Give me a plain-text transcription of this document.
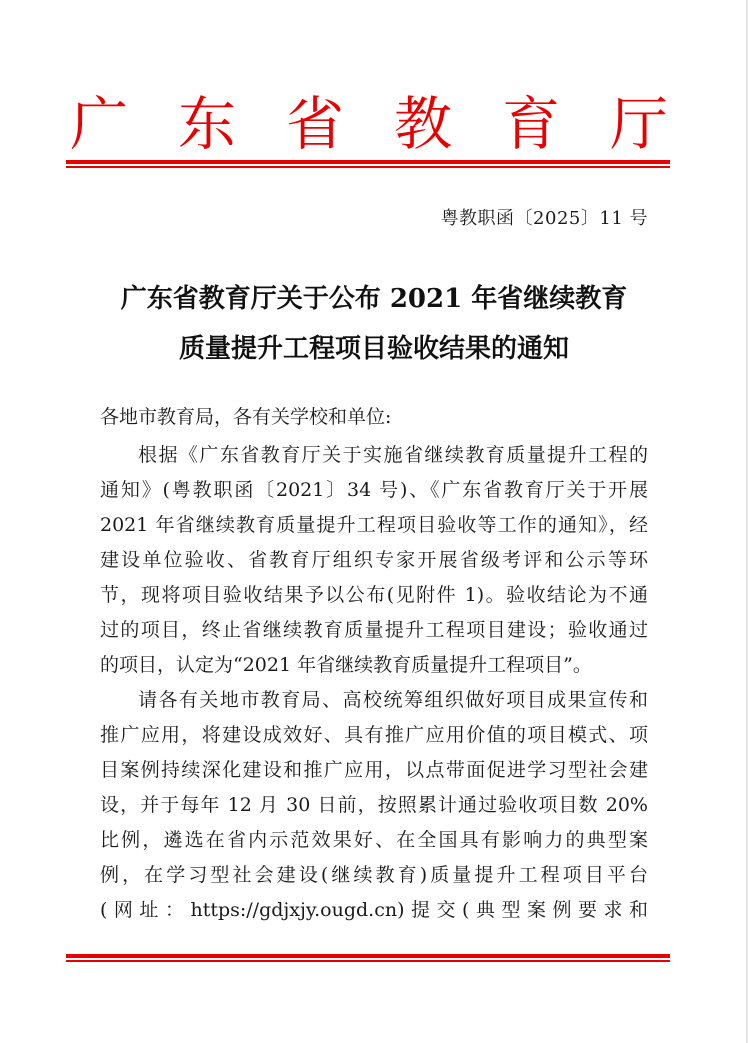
广 东 省 教 育 厅
粤教职函〔2025〕11 号
广东省教育厅关于公布 2021 年省继续教育
质量提升工程项目验收结果的通知
各地市教育局，各有关学校和单位:
根据《广东省教育厅关于实施省继续教育质量提升工程的
通知》(粤教职函〔2021〕34 号)、《广东省教育厅关于开展
2021 年省继续教育质量提升工程项目验收等工作的通知》，经
建设单位验收、省教育厅组织专家开展省级考评和公示等环
节，现将项目验收结果予以公布(见附件 1)。验收结论为不通
过的项目，终止省继续教育质量提升工程项目建设；验收通过
的项目，认定为“2021 年省继续教育质量提升工程项目”。
请各有关地市教育局、高校统筹组织做好项目成果宣传和
推广应用，将建设成效好、具有推广应用价值的项目模式、项
目案例持续深化建设和推广应用，以点带面促进学习型社会建
设，并于每年 12 月 30 日前，按照累计通过验收项目数 20%
比例，遴选在省内示范效果好、在全国具有影响力的典型案
例，在学习型社会建设(继续教育)质量提升工程项目平台
(网址：https://gdjxjy.ougd.cn)提交(典型案例要求和
